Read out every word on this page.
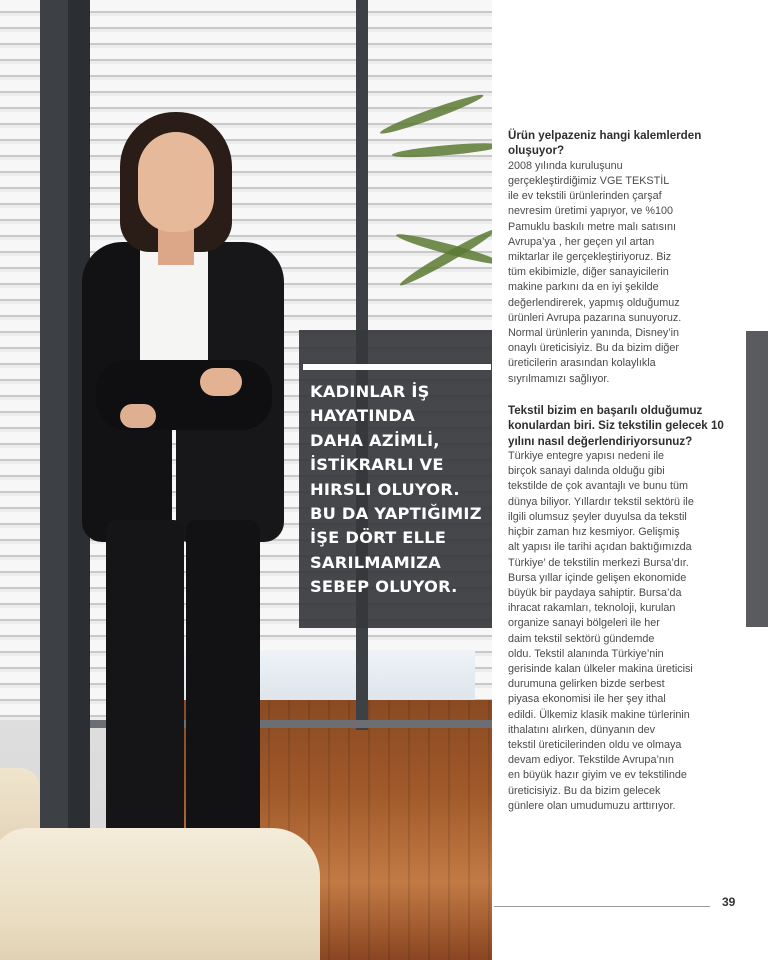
KADINLAR İŞ
HAYATINDA
DAHA AZİMLİ,
İSTİKRARLI VE
HIRSLI OLUYOR.
BU DA YAPTIĞIMIZ
İŞE DÖRT ELLE
SARILMAMIZA
SEBEP OLUYOR.

Ürün yelpazeniz hangi kalemlerden oluşuyor?

2008 yılında kuruluşunu
gerçekleştirdiğimiz VGE TEKSTİL
ile ev tekstili ürünlerinden çarşaf
nevresim üretimi yapıyor, ve %100
Pamuklu baskılı metre malı satısını
Avrupa’ya , her geçen yıl artan
miktarlar ile gerçekleştiriyoruz. Biz
tüm ekibimizle, diğer sanayicilerin
makine parkını da en iyi şekilde
değerlendirerek, yapmış olduğumuz
ürünleri Avrupa pazarına sunuyoruz.
Normal ürünlerin yanında, Disney’in
onaylı üreticisiyiz. Bu da bizim diğer
üreticilerin arasından kolaylıkla
sıyrılmamızı sağlıyor.

Tekstil bizim en başarılı olduğumuz konulardan biri. Siz tekstilin gelecek 10 yılını nasıl değerlendiriyorsunuz?

Türkiye entegre yapısı nedeni ile
birçok sanayi dalında olduğu gibi
tekstilde de çok avantajlı ve bunu tüm
dünya biliyor. Yıllardır tekstil sektörü ile
ilgili olumsuz şeyler duyulsa da tekstil
hiçbir zaman hız kesmiyor. Gelişmiş
alt yapısı ile tarihi açıdan baktığımızda
Türkiye’ de tekstilin merkezi Bursa’dır.
Bursa yıllar içinde gelişen ekonomide
büyük bir paydaya sahiptir. Bursa’da
ihracat rakamları, teknoloji, kurulan
organize sanayi bölgeleri ile her
daim tekstil sektörü gündemde
oldu. Tekstil alanında Türkiye’nin
gerisinde kalan ülkeler makina üreticisi
durumuna gelirken bizde serbest
piyasa ekonomisi ile her şey ithal
edildi. Ülkemiz klasik makine türlerinin
ithalatını alırken, dünyanın dev
tekstil üreticilerinden oldu ve olmaya
devam ediyor. Tekstilde Avrupa’nın
en büyük hazır giyim ve ev tekstilinde
üreticisiyiz. Bu da bizim gelecek
günlere olan umudumuzu arttırıyor.

39
